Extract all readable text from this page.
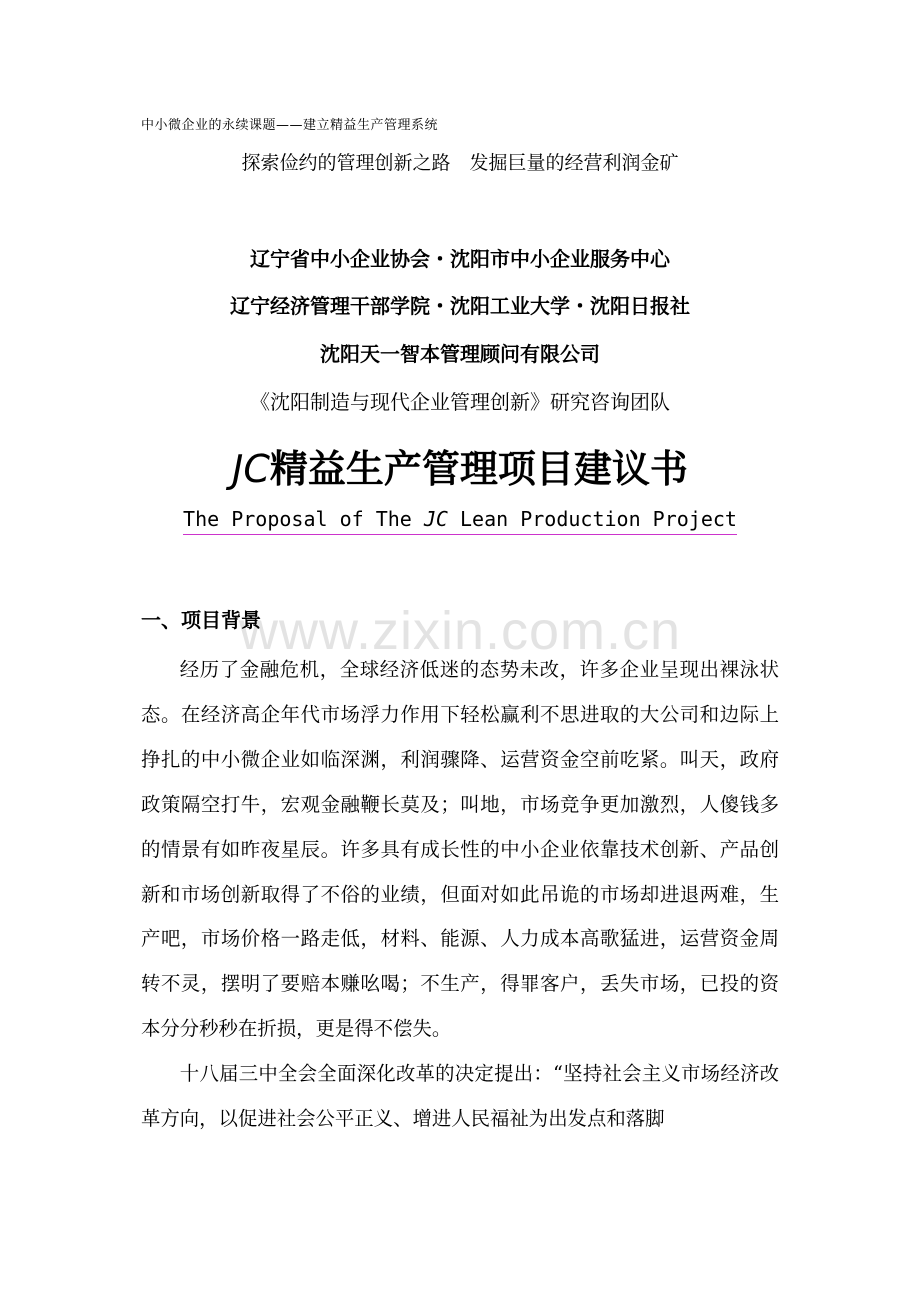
中小微企业的永续课题——建立精益生产管理系统
探索俭约的管理创新之路　发掘巨量的经营利润金矿
辽宁省中小企业协会・沈阳市中小企业服务中心
辽宁经济管理干部学院・沈阳工业大学・沈阳日报社
沈阳天一智本管理顾问有限公司
《沈阳制造与现代企业管理创新》研究咨询团队
JC精益生产管理项目建议书
The Proposal of The JC Lean Production Project
www.zixin.com.cn
一、项目背景

经历了金融危机，全球经济低迷的态势未改，许多企业呈现出裸泳状态。在经济高企年代市场浮力作用下轻松赢利不思进取的大公司和边际上挣扎的中小微企业如临深渊，利润骤降、运营资金空前吃紧。叫天，政府政策隔空打牛，宏观金融鞭长莫及；叫地，市场竞争更加激烈，人傻钱多的情景有如昨夜星辰。许多具有成长性的中小企业依靠技术创新、产品创新和市场创新取得了不俗的业绩，但面对如此吊诡的市场却进退两难，生产吧，市场价格一路走低，材料、能源、人力成本高歌猛进，运营资金周转不灵，摆明了要赔本赚吆喝；不生产，得罪客户，丢失市场，已投的资本分分秒秒在折损，更是得不偿失。

十八届三中全会全面深化改革的决定提出：“坚持社会主义市场经济改革方向，以促进社会公平正义、增进人民福祉为出发点和落脚
